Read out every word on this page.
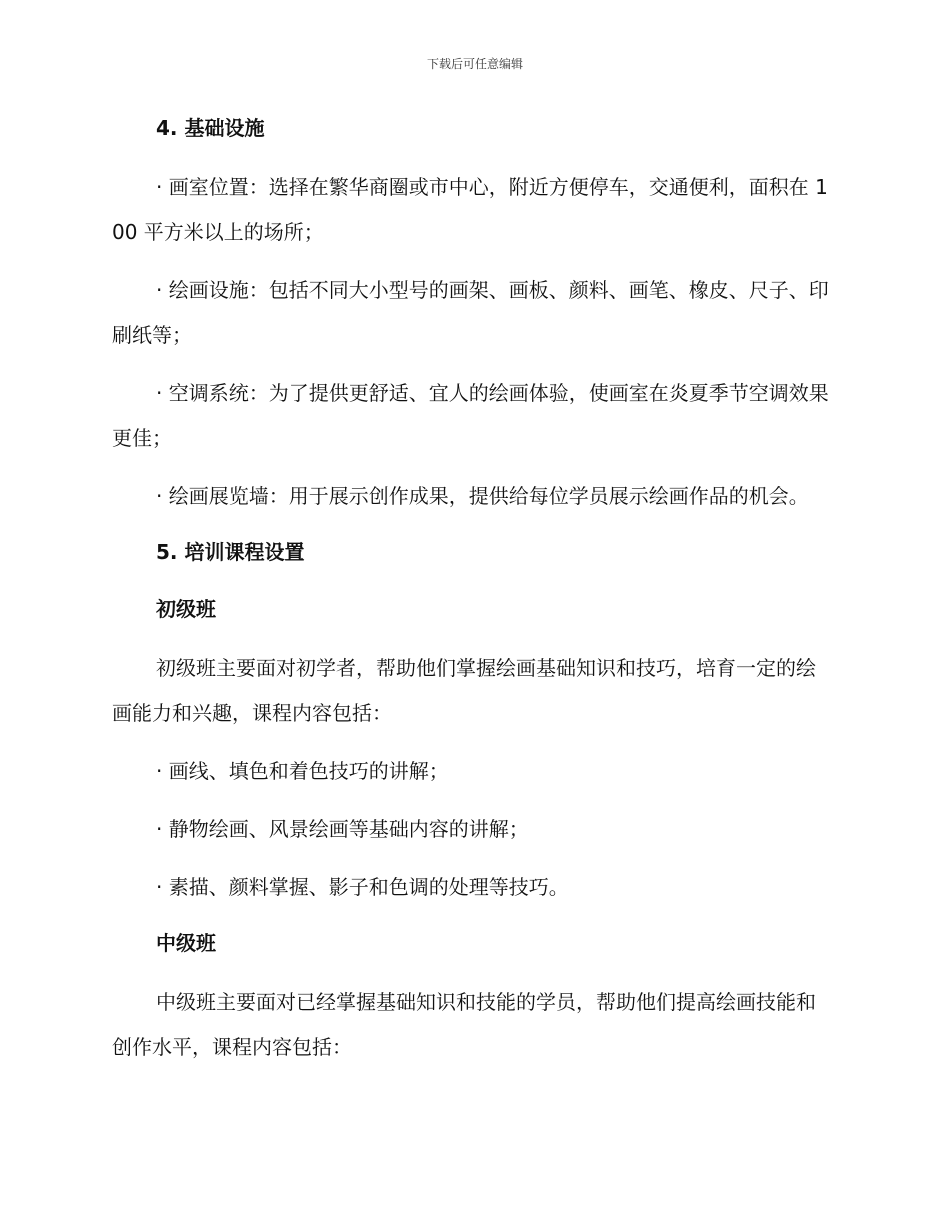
下载后可任意编辑
4. 基础设施
· 画室位置：选择在繁华商圈或市中心，附近方便停车，交通便利，面积在 100 平方米以上的场所；
· 绘画设施：包括不同大小型号的画架、画板、颜料、画笔、橡皮、尺子、印刷纸等；
· 空调系统：为了提供更舒适、宜人的绘画体验，使画室在炎夏季节空调效果更佳；
· 绘画展览墙：用于展示创作成果，提供给每位学员展示绘画作品的机会。
5. 培训课程设置
初级班
初级班主要面对初学者，帮助他们掌握绘画基础知识和技巧，培育一定的绘画能力和兴趣，课程内容包括：
· 画线、填色和着色技巧的讲解；
· 静物绘画、风景绘画等基础内容的讲解；
· 素描、颜料掌握、影子和色调的处理等技巧。
中级班
中级班主要面对已经掌握基础知识和技能的学员，帮助他们提高绘画技能和创作水平，课程内容包括：
